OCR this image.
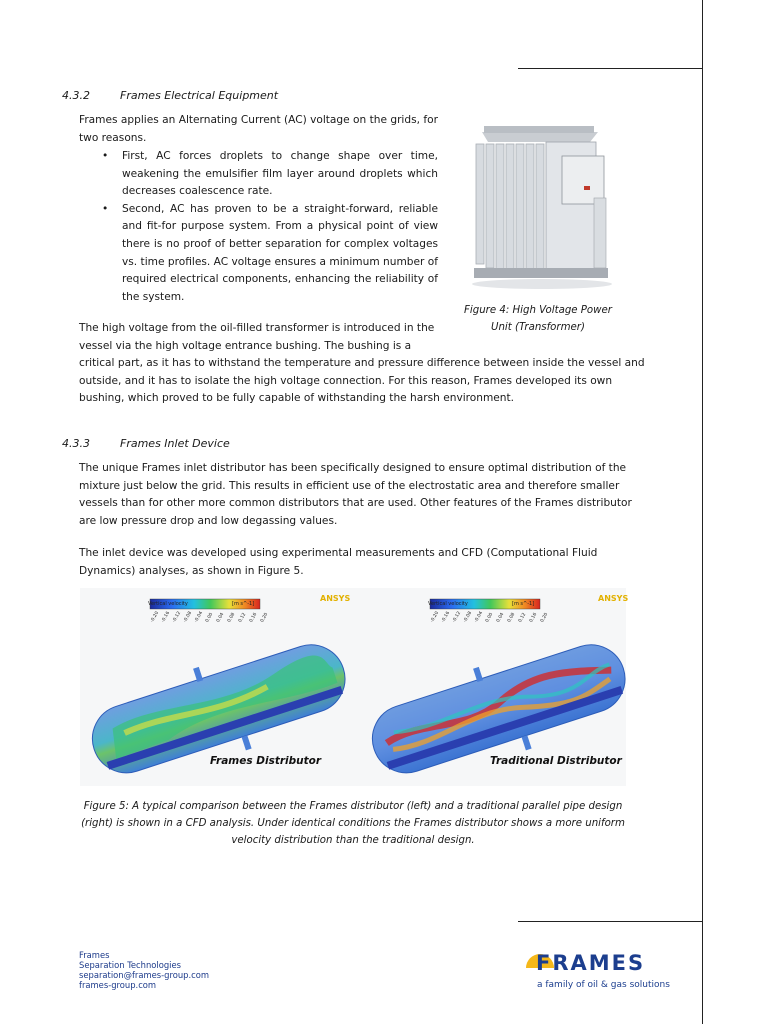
4.3.2	Frames Electrical Equipment
Frames applies an Alternating Current (AC) voltage on the grids, for two reasons.
• First, AC forces droplets to change shape over time, weakening the emulsifier film layer around droplets which decreases coalescence rate.
• Second, AC has proven to be a straight-forward, reliable and fit-for purpose system. From a physical point of view there is no proof of better separation for complex voltages vs. time profiles. AC voltage ensures a minimum number of required electrical components, enhancing the reliability of the system.
The high voltage from the oil-filled transformer is introduced in the vessel via the high voltage entrance bushing. The bushing is a
critical part, as it has to withstand the temperature and pressure difference between inside the vessel and outside, and it has to isolate the high voltage connection. For this reason, Frames developed its own bushing, which proved to be fully capable of withstanding the harsh environment.
Figure 4: High Voltage Power Unit (Transformer)
4.3.3	Frames Inlet Device
The unique Frames inlet distributor has been specifically designed to ensure optimal distribution of the mixture just below the grid. This results in efficient use of the electrostatic area and therefore smaller vessels than for other more common distributors that are used. Other features of the Frames distributor are low pressure drop and low degassing values.
The inlet device was developed using experimental measurements and CFD (Computational Fluid Dynamics) analyses, as shown in Figure 5.
Vertical velocity	[m s^-1]	Vertical velocity	[m s^-1]
ANSYS	ANSYS
-0.20 -0.16 -0.12 -0.08 -0.04 0.00 0.04 0.08 0.12 0.16 0.20	-0.20 -0.16 -0.12 -0.08 -0.04 0.00 0.04 0.08 0.12 0.16 0.20
Frames Distributor	Traditional Distributor
Figure 5: A typical comparison between the Frames distributor (left) and a traditional parallel pipe design (right) is shown in a CFD analysis. Under identical conditions the Frames distributor shows a more uniform velocity distribution than the traditional design.
Frames
Separation Technologies
separation@frames-group.com
frames-group.com
FRAMES
a family of oil & gas solutions
